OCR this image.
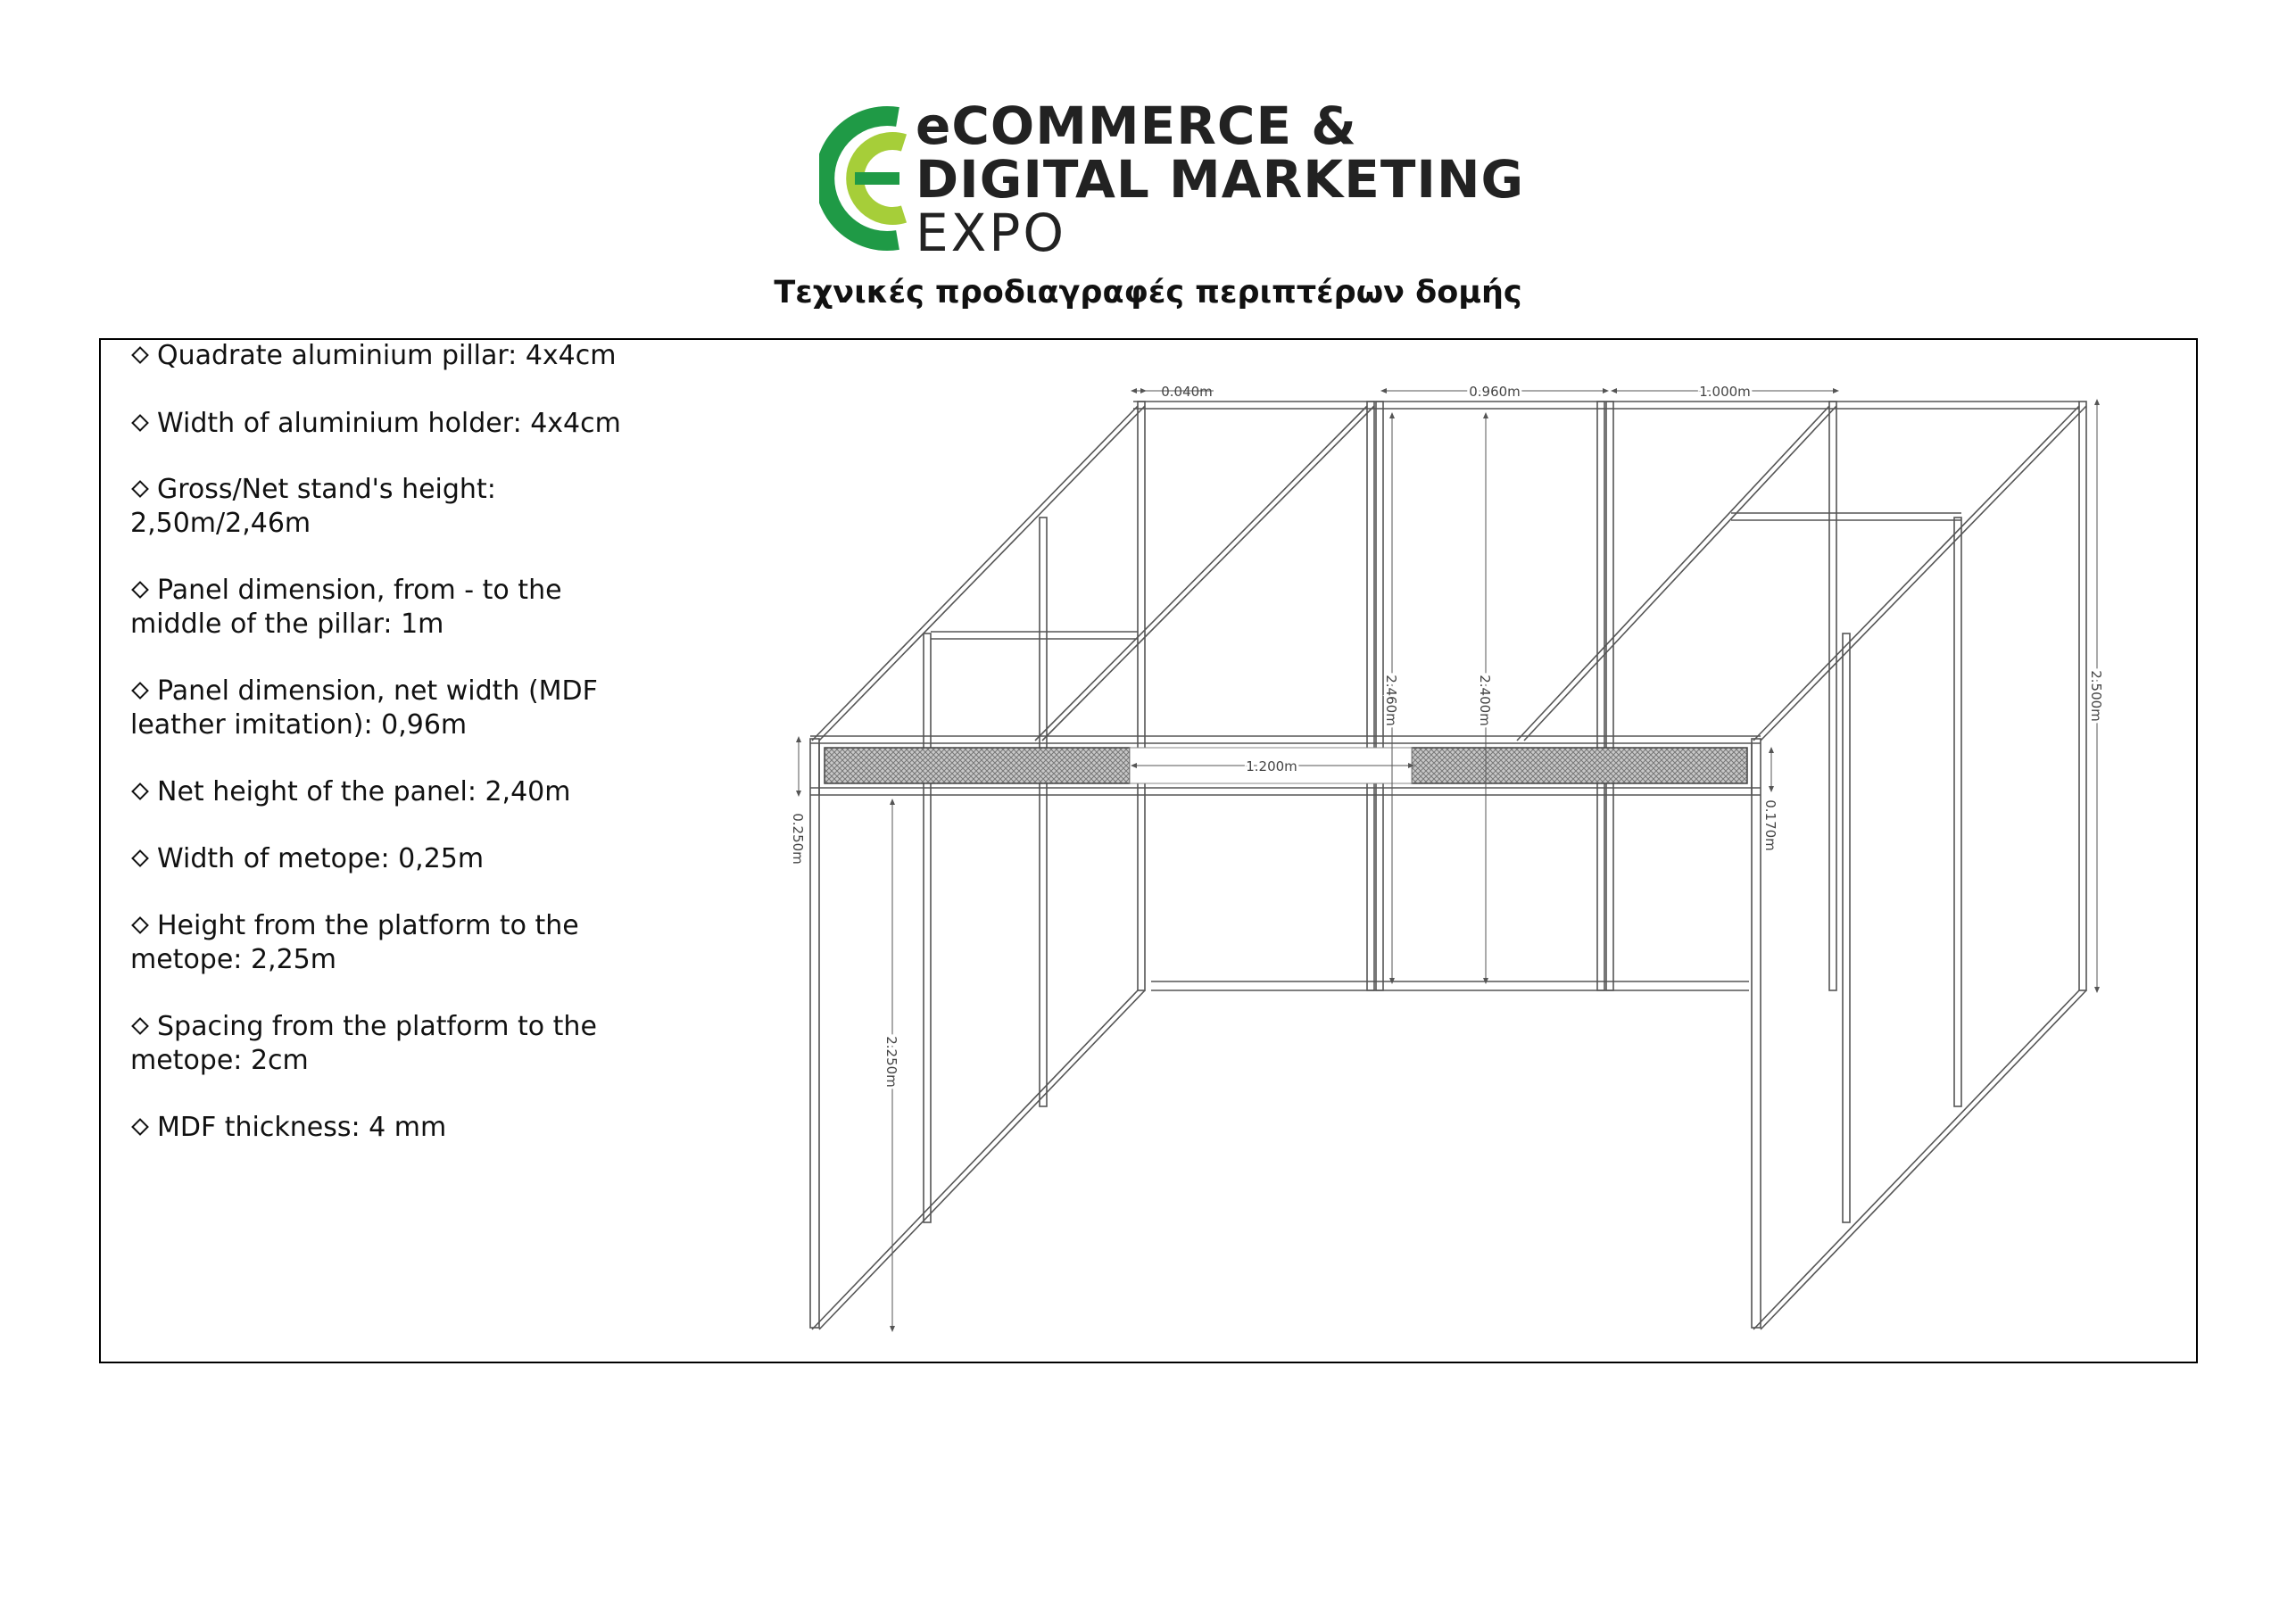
eCOMMERCE &
DIGITAL MARKETING
EXPO
Τεχνικές προδιαγραφές περιπτέρων δομής
Quadrate aluminium pillar: 4x4cm
Width of aluminium holder: 4x4cm
Gross/Net stand's height:
2,50m/2,46m
Panel dimension, from - to the
middle of the pillar: 1m
Panel dimension, net width (MDF
leather imitation): 0,96m
Net height of the panel: 2,40m
Width of metope: 0,25m
Height from the platform to the
metope: 2,25m
Spacing from the platform to the
metope: 2cm
MDF thickness: 4 mm
0.040m	0.960m	1.000m
1.200m
2.460m	2.400m	2.500m
0.250m	0.170m
2.250m
